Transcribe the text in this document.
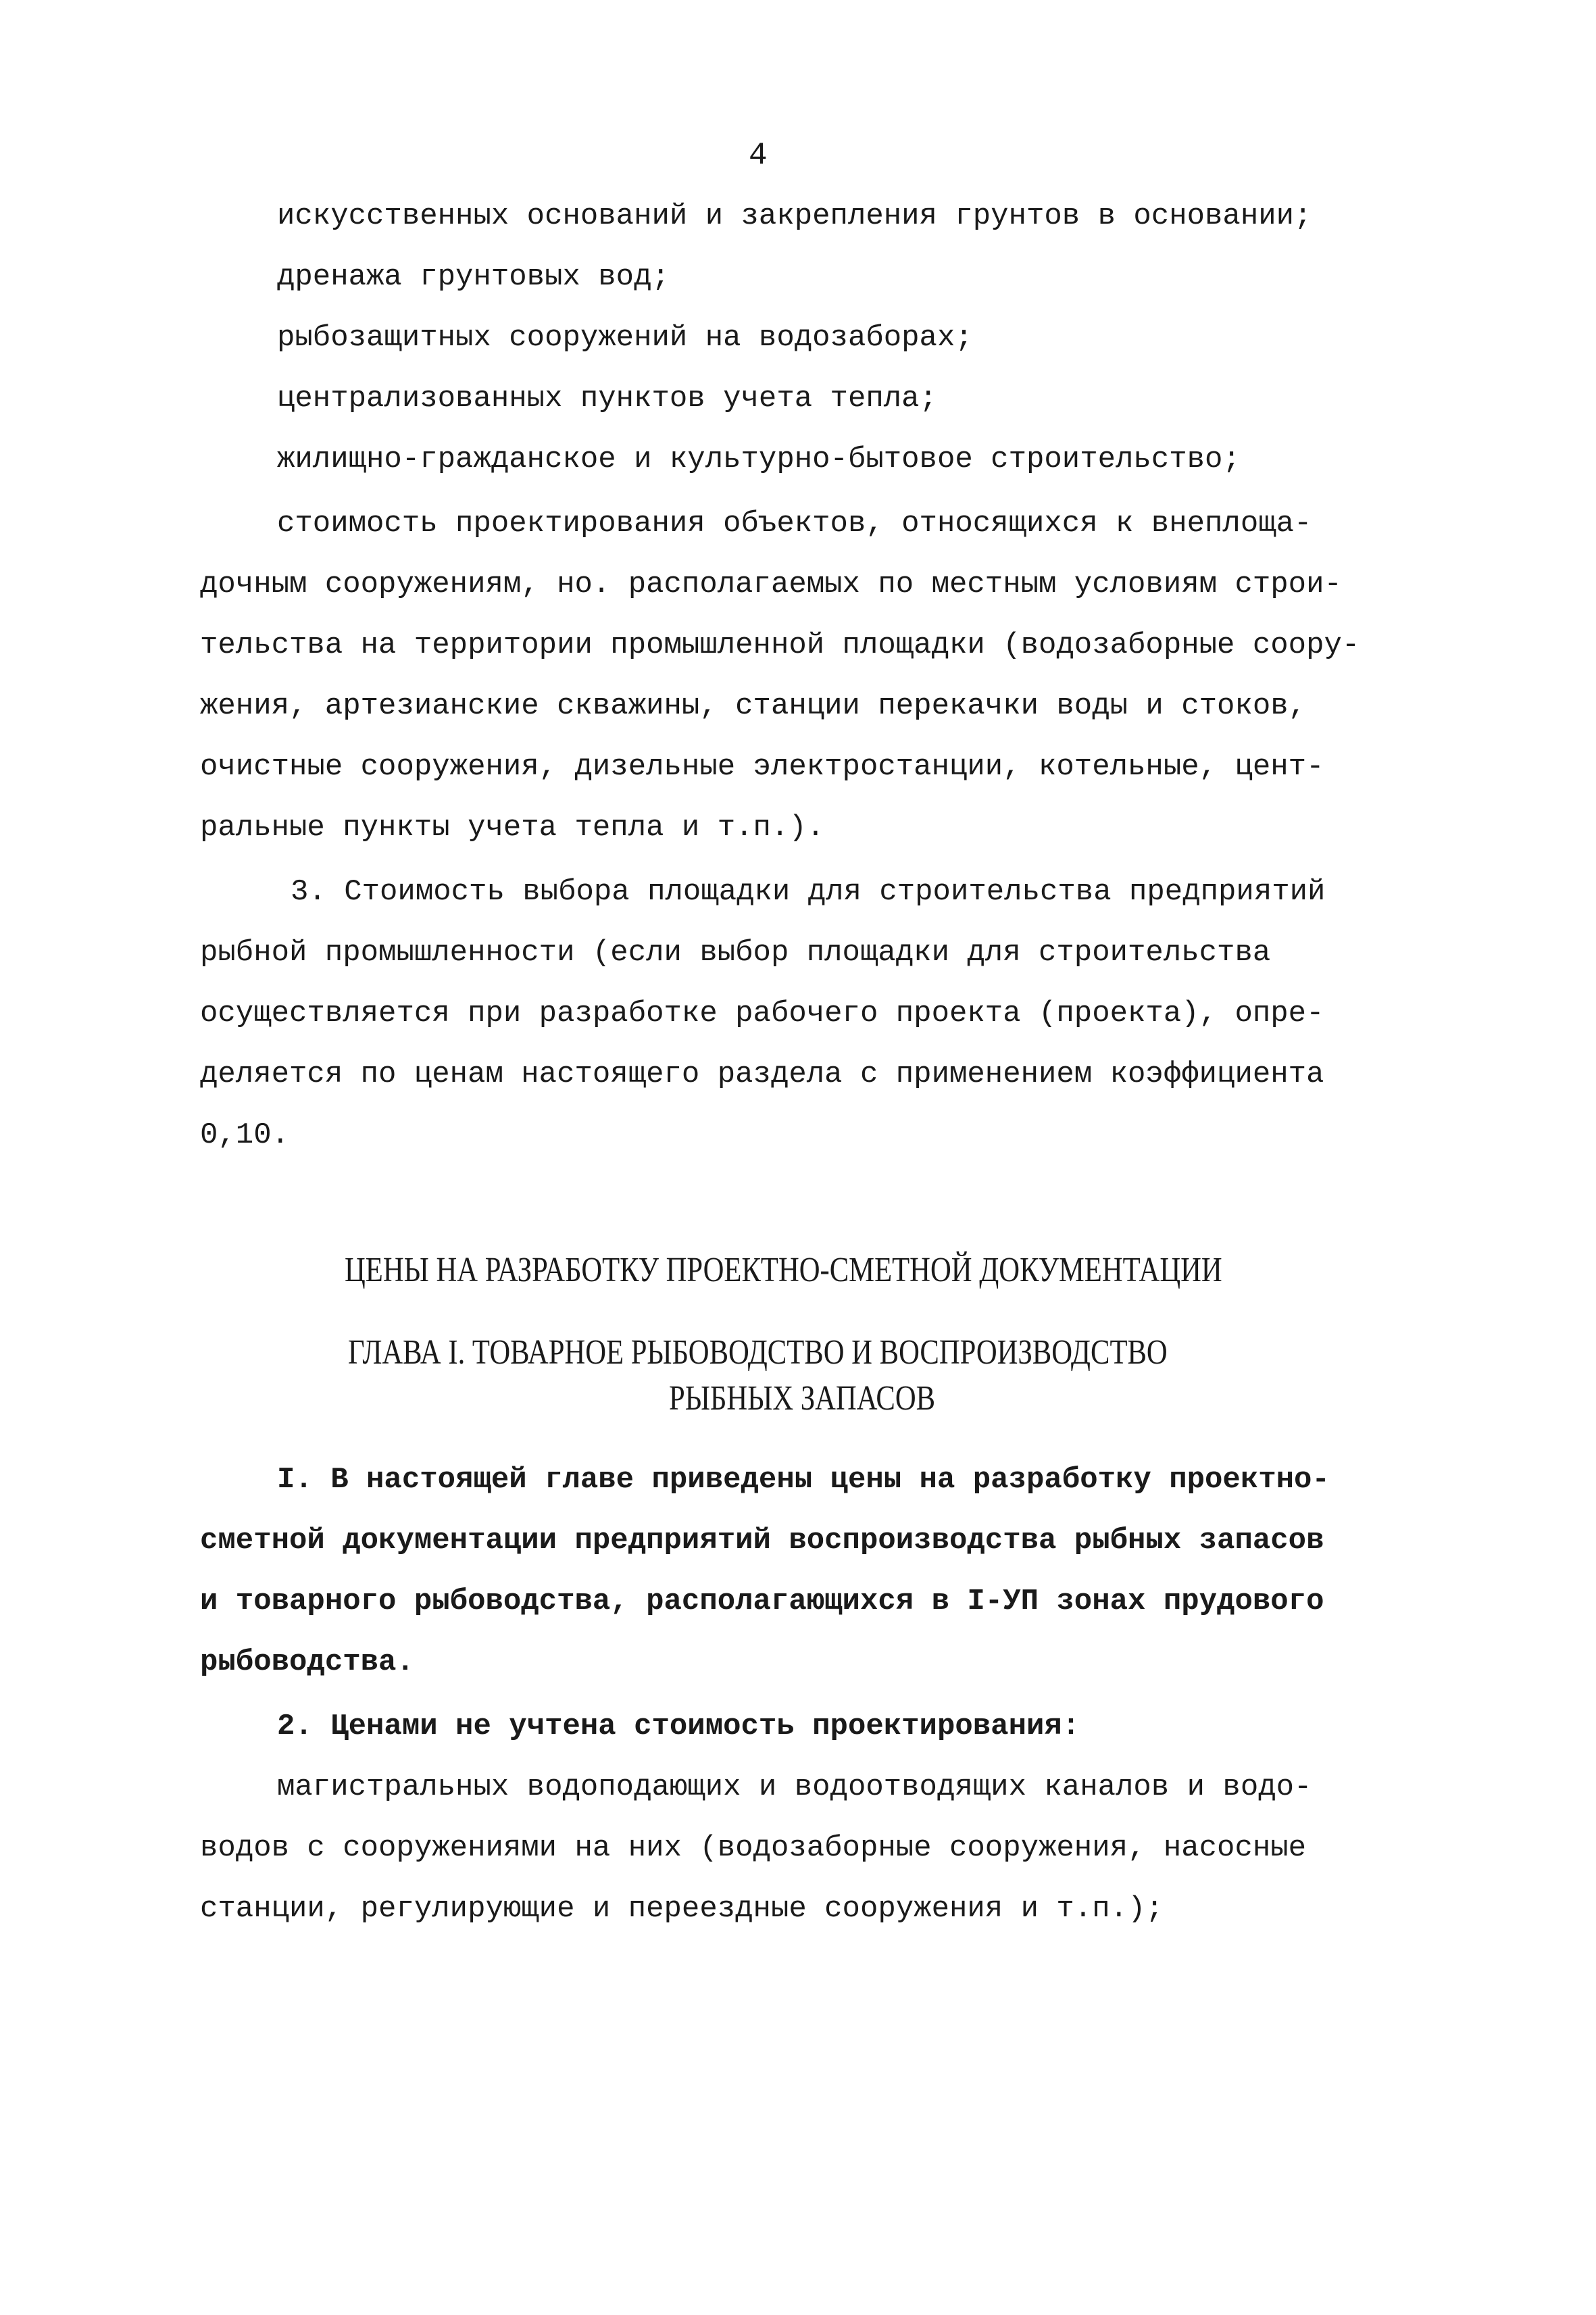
4
искусственных оснований и закрепления грунтов в основании;
дренажа грунтовых вод;
рыбозащитных сооружений на водозаборах;
централизованных пунктов учета тепла;
жилищно-гражданское и культурно-бытовое строительство;
стоимость проектирования объектов, относящихся к внеплоща-
дочным сооружениям, но. располагаемых по местным условиям строи-
тельства на территории промышленной площадки (водозаборные соору-
жения, артезианские скважины, станции перекачки воды и стоков,
очистные сооружения, дизельные электростанции, котельные, цент-
ральные пункты учета тепла и т.п.).
3. Стоимость выбора площадки для строительства предприятий
рыбной промышленности (если выбор площадки для строительства
осуществляется при разработке рабочего проекта (проекта), опре-
деляется по ценам настоящего раздела с применением коэффициента
0,10.
ЦЕНЫ НА РАЗРАБОТКУ ПРОЕКТНО-СМЕТНОЙ ДОКУМЕНТАЦИИ
ГЛАВА I. ТОВАРНОЕ РЫБОВОДСТВО И ВОСПРОИЗВОДСТВО
РЫБНЫХ ЗАПАСОВ
I. В настоящей главе приведены цены на разработку проектно-
сметной документации предприятий воспроизводства рыбных запасов
и товарного рыбоводства, располагающихся в I-УП зонах прудового
рыбоводства.
2. Ценами не учтена стоимость проектирования:
магистральных водоподающих и водоотводящих каналов и водо-
водов с сооружениями на них (водозаборные сооружения, насосные
станции, регулирующие и переездные сооружения и т.п.);
